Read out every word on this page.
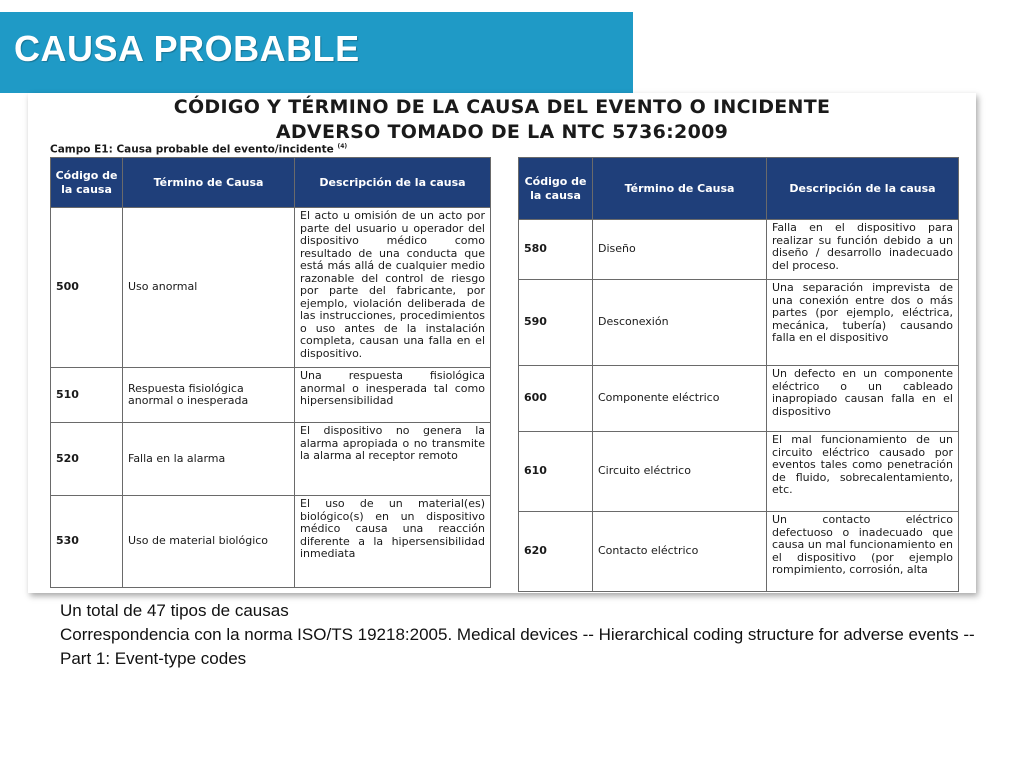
CAUSA PROBABLE
CÓDIGO Y TÉRMINO DE LA CAUSA DEL EVENTO O INCIDENTE
ADVERSO TOMADO DE LA NTC 5736:2009
Campo E1: Causa probable del evento/incidente $^{(4)}$
Código de la causa	Término de Causa	Descripción de la causa
500	Uso anormal	El acto u omisión de un acto por parte del usuario u operador del dispositivo médico como resultado de una conducta que está más allá de cualquier medio razonable del control de riesgo por parte del fabricante, por ejemplo, violación deliberada de las instrucciones, procedimientos o uso antes de la instalación completa, causan una falla en el dispositivo.
510	Respuesta fisiológica anormal o inesperada	Una respuesta fisiológica anormal o inesperada tal como hipersensibilidad
520	Falla en la alarma	El dispositivo no genera la alarma apropiada o no transmite la alarma al receptor remoto
530	Uso de material biológico	El uso de un material(es) biológico(s) en un dispositivo médico causa una reacción diferente a la hipersensibilidad inmediata
Código de la causa	Término de Causa	Descripción de la causa
580	Diseño	Falla en el dispositivo para realizar su función debido a un diseño / desarrollo inadecuado del proceso.
590	Desconexión	Una separación imprevista de una conexión entre dos o más partes (por ejemplo, eléctrica, mecánica, tubería) causando falla en el dispositivo
600	Componente eléctrico	Un defecto en un componente eléctrico o un cableado inapropiado causan falla en el dispositivo
610	Circuito eléctrico	El mal funcionamiento de un circuito eléctrico causado por eventos tales como penetración de fluido, sobrecalentamiento, etc.
620	Contacto eléctrico	Un contacto eléctrico defectuoso o inadecuado que causa un mal funcionamiento en el dispositivo (por ejemplo rompimiento, corrosión, alta
Un total de 47 tipos de causas
Correspondencia con la norma ISO/TS 19218:2005. Medical devices -- Hierarchical coding structure for adverse events -- Part 1: Event-type codes
